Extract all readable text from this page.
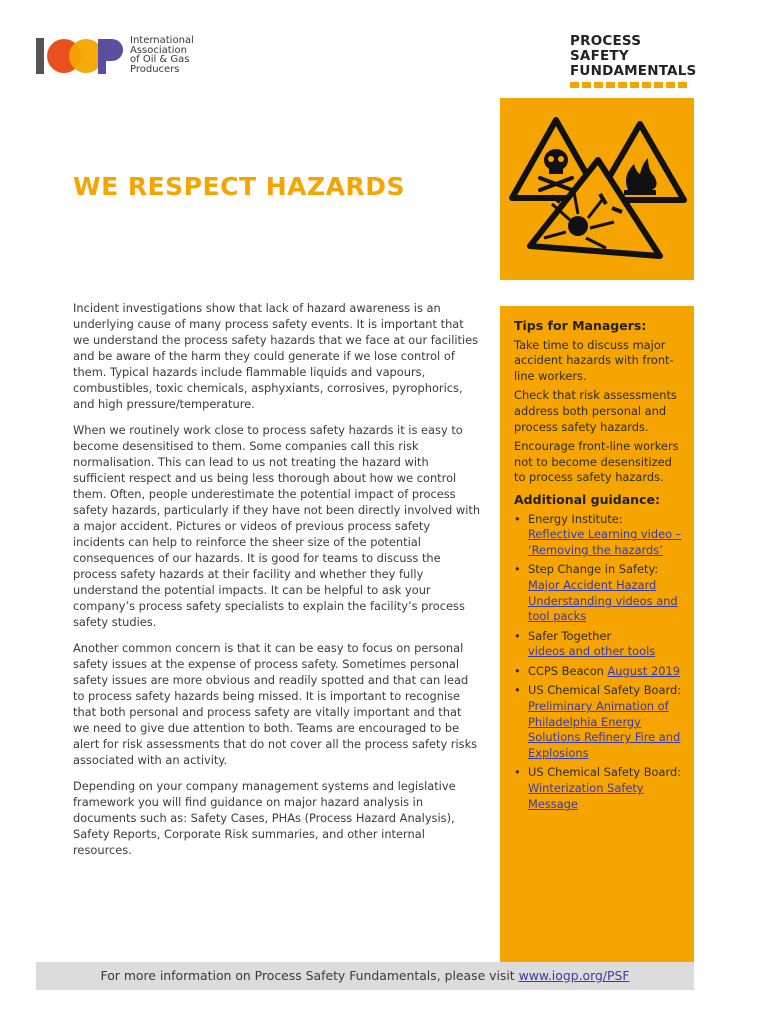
International
Association
of Oil & Gas
Producers
PROCESS SAFETY
FUNDAMENTALS
WE RESPECT HAZARDS

Incident investigations show that lack of hazard awareness is an underlying cause of many process safety events. It is important that we understand the process safety hazards that we face at our facilities and be aware of the harm they could generate if we lose control of them. Typical hazards include flammable liquids and vapours, combustibles, toxic chemicals, asphyxiants, corrosives, pyrophorics, and high pressure/temperature.

When we routinely work close to process safety hazards it is easy to become desensitised to them. Some companies call this risk normalisation. This can lead to us not treating the hazard with sufficient respect and us being less thorough about how we control them. Often, people underestimate the potential impact of process safety hazards, particularly if they have not been directly involved with a major accident. Pictures or videos of previous process safety incidents can help to reinforce the sheer size of the potential consequences of our hazards. It is good for teams to discuss the process safety hazards at their facility and whether they fully understand the potential impacts. It can be helpful to ask your company’s process safety specialists to explain the facility’s process safety studies.

Another common concern is that it can be easy to focus on personal safety issues at the expense of process safety. Sometimes personal safety issues are more obvious and readily spotted and that can lead to process safety hazards being missed. It is important to recognise that both personal and process safety are vitally important and that we need to give due attention to both. Teams are encouraged to be alert for risk assessments that do not cover all the process safety risks associated with an activity.

Depending on your company management systems and legislative framework you will find guidance on major hazard analysis in documents such as: Safety Cases, PHAs (Process Hazard Analysis), Safety Reports, Corporate Risk summaries, and other internal resources.

Tips for Managers:

Take time to discuss major accident hazards with front-line workers.

Check that risk assessments address both personal and process safety hazards.

Encourage front-line workers not to become desensitized to process safety hazards.

Additional guidance:
• Energy Institute:
Reflective Learning video – ‘Removing the hazards’
• Step Change in Safety:
Major Accident Hazard Understanding videos and tool packs
• Safer Together
videos and other tools
• CCPS Beacon August 2019
• US Chemical Safety Board: Preliminary Animation of Philadelphia Energy Solutions Refinery Fire and Explosions
• US Chemical Safety Board: Winterization Safety Message
For more information on Process Safety Fundamentals, please visit www.iogp.org/PSF
